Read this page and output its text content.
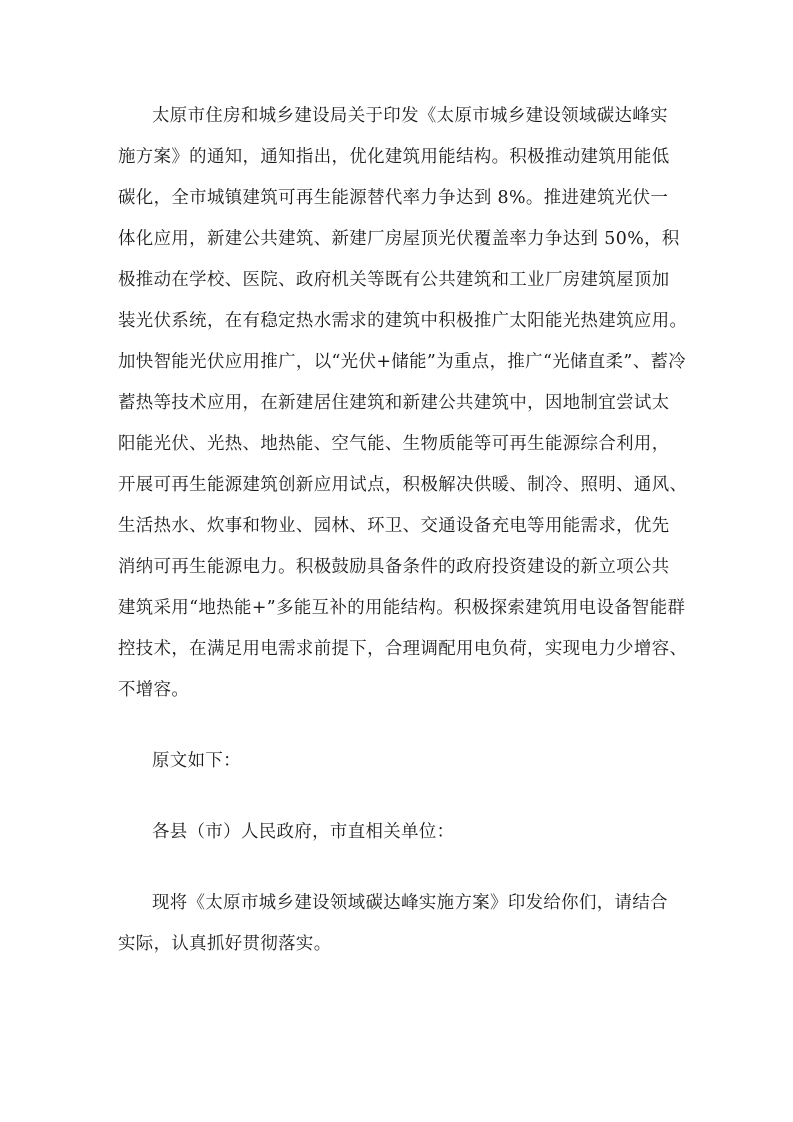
太原市住房和城乡建设局关于印发《太原市城乡建设领域碳达峰实
施方案》的通知，通知指出，优化建筑用能结构。积极推动建筑用能低
碳化，全市城镇建筑可再生能源替代率力争达到 8%。推进建筑光伏一
体化应用，新建公共建筑、新建厂房屋顶光伏覆盖率力争达到 50%，积
极推动在学校、医院、政府机关等既有公共建筑和工业厂房建筑屋顶加
装光伏系统，在有稳定热水需求的建筑中积极推广太阳能光热建筑应用。
加快智能光伏应用推广，以“光伏+储能”为重点，推广“光储直柔”、蓄冷
蓄热等技术应用，在新建居住建筑和新建公共建筑中，因地制宜尝试太
阳能光伏、光热、地热能、空气能、生物质能等可再生能源综合利用，
开展可再生能源建筑创新应用试点，积极解决供暖、制冷、照明、通风、
生活热水、炊事和物业、园林、环卫、交通设备充电等用能需求，优先
消纳可再生能源电力。积极鼓励具备条件的政府投资建设的新立项公共
建筑采用“地热能+”多能互补的用能结构。积极探索建筑用电设备智能群
控技术，在满足用电需求前提下，合理调配用电负荷，实现电力少增容、
不增容。

原文如下：

各县（市）人民政府，市直相关单位：

现将《太原市城乡建设领域碳达峰实施方案》印发给你们，请结合
实际，认真抓好贯彻落实。
